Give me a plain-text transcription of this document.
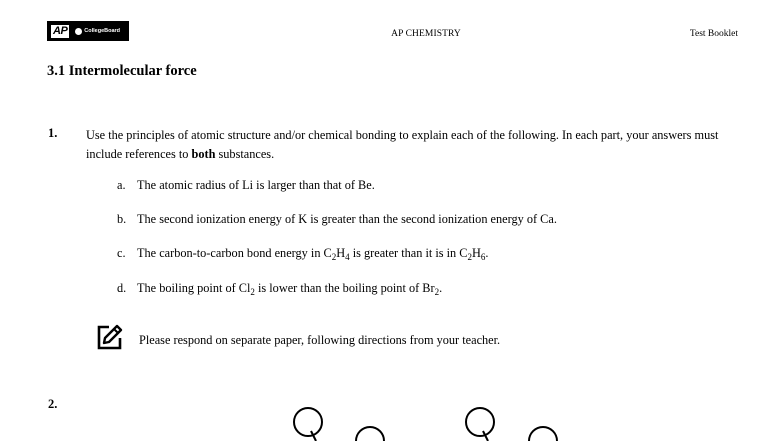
AP	CollegeBoard	AP CHEMISTRY	Test Booklet
3.1 Intermolecular force
1. Use the principles of atomic structure and/or chemical bonding to explain each of the following. In each part, your answers must include references to both substances.
a. The atomic radius of Li is larger than that of Be.
b. The second ionization energy of K is greater than the second ionization energy of Ca.
c. The carbon-to-carbon bond energy in $C_2H_4$ is greater than it is in $C_2H_6$.
d. The boiling point of $Cl_2$ is lower than the boiling point of $Br_2$.
Please respond on separate paper, following directions from your teacher.
2.
